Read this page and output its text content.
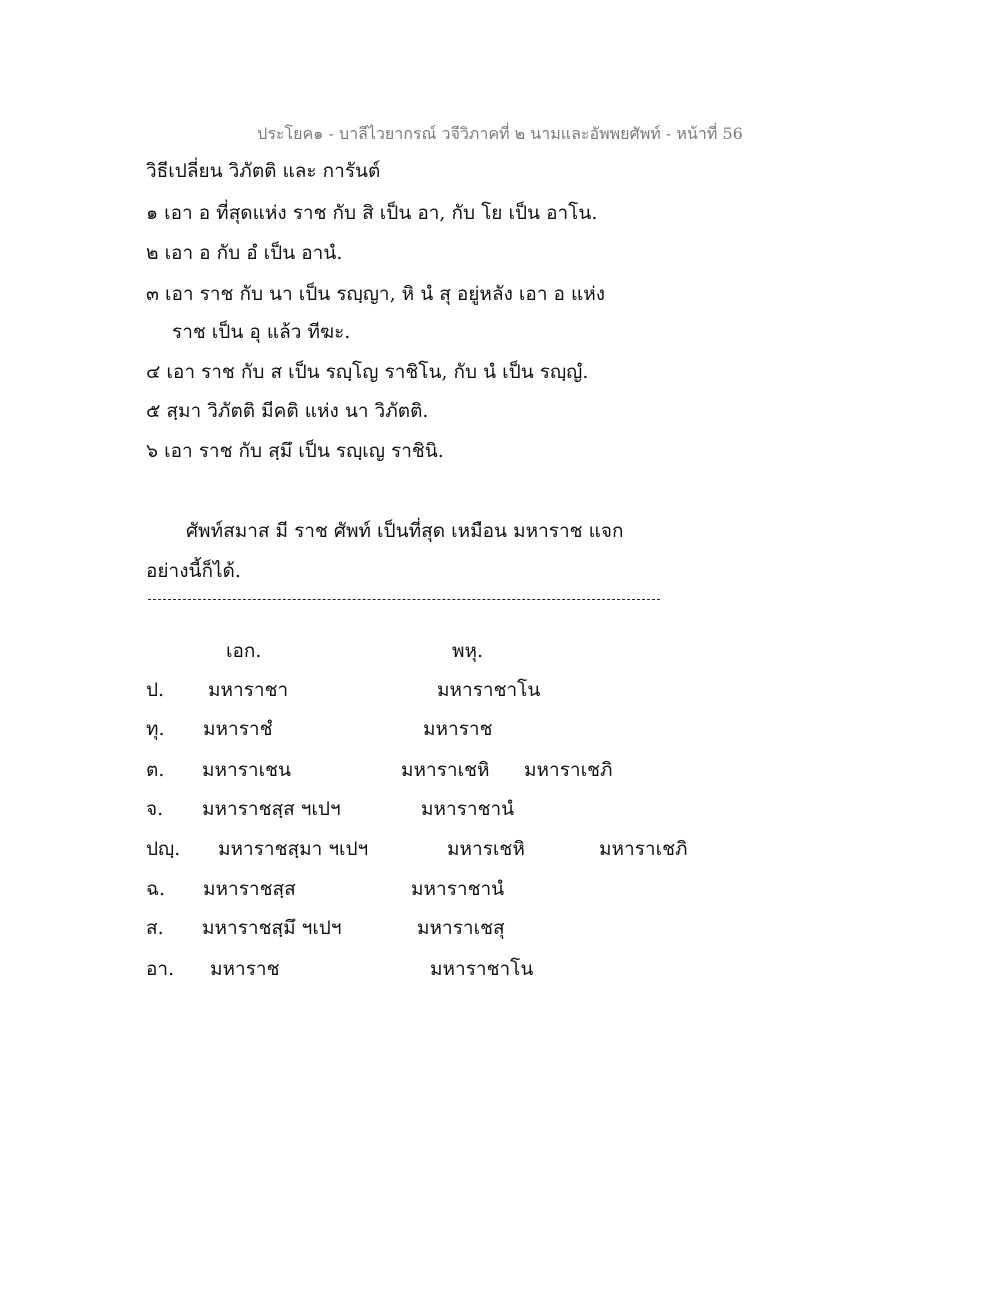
ประโยค๑ - บาลีไวยากรณ์ วจีวิภาคที่ ๒ นามและอัพพยศัพท์ - หน้าที่ 56
วิธีเปลี่ยน วิภัตติ และ การันต์
๑ เอา อ ที่สุดแห่ง ราช กับ สิ เป็น อา, กับ โย เป็น อาโน.
๒ เอา อ กับ อํ เป็น อานํ.
๓ เอา ราช กับ นา เป็น รญฺญา, หิ นํ สุ อยู่หลัง เอา อ แห่ง
ราช เป็น อุ แล้ว ทีฆะ.
๔ เอา ราช กับ ส เป็น รญฺโญ ราชิโน, กับ นํ เป็น รญฺญํ.
๕ สฺมา วิภัตติ มีคติ แห่ง นา วิภัตติ.
๖ เอา ราช กับ สฺมึ เป็น รญฺเญ ราชินิ.
ศัพท์สมาส มี ราช ศัพท์ เป็นที่สุด เหมือน มหาราช แจก
อย่างนี้ก็ได้.
เอก.	พหุ.
ป. มหาราชา	มหาราชาโน
ทุ. มหาราชํ	มหาราช
ต. มหาราเชน	มหาราเชหิ มหาราเชภิ
จ. มหาราชสฺส ฯเปฯ	มหาราชานํ
ปญฺ. มหาราชสฺมา ฯเปฯ	มหารเชหิ	มหาราเชภิ
ฉ. มหาราชสฺส	มหาราชานํ
ส. มหาราชสฺมึ ฯเปฯ	มหาราเชสุ
อา. มหาราช	มหาราชาโน
